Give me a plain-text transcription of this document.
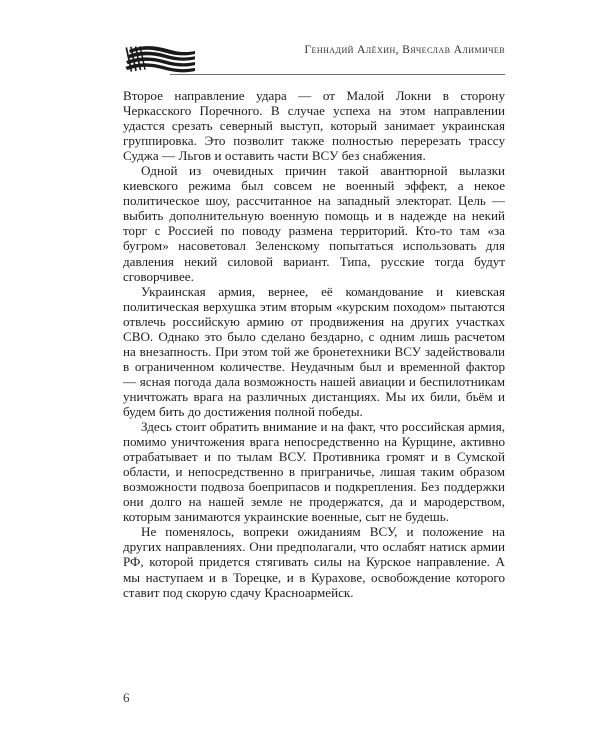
Геннадий Алёхин, Вячеслав Алимичев

Второе направление удара — от Малой Локни в сторону Черкасского Поречного. В случае успеха на этом направлении удастся срезать северный выступ, который занимает украинская группировка. Это позволит также полностью перерезать трассу Суджа — Льгов и оставить части ВСУ без снабжения.

Одной из очевидных причин такой авантюрной вылазки киевского режима был совсем не военный эффект, а некое политическое шоу, рассчитанное на западный электорат. Цель — выбить дополнительную военную помощь и в надежде на некий торг с Россией по поводу размена территорий. Кто-то там «за бугром» насоветовал Зеленскому попытаться использовать для давления некий силовой вариант. Типа, русские тогда будут сговорчивее.

Украинская армия, вернее, её командование и киевская политическая верхушка этим вторым «курским походом» пытаются отвлечь российскую армию от продвижения на других участках СВО. Однако это было сделано бездарно, с одним лишь расчетом на внезапность. При этом той же бронетехники ВСУ задействовали в ограниченном количестве. Неудачным был и временной фактор — ясная погода дала возможность нашей авиации и беспилотникам уничтожать врага на различных дистанциях. Мы их били, бьём и будем бить до достижения полной победы.

Здесь стоит обратить внимание и на факт, что российская армия, помимо уничтожения врага непосредственно на Курщине, активно отрабатывает и по тылам ВСУ. Противника громят и в Сумской области, и непосредственно в приграничье, лишая таким образом возможности подвоза боеприпасов и подкрепления. Без поддержки они долго на нашей земле не продержатся, да и мародерством, которым занимаются украинские военные, сыт не будешь.

Не поменялось, вопреки ожиданиям ВСУ, и положение на других направлениях. Они предполагали, что ослабят натиск армии РФ, которой придется стягивать силы на Курское направление. А мы наступаем и в Торецке, и в Курахове, освобождение которого ставит под скорую сдачу Красноармейск.

6
